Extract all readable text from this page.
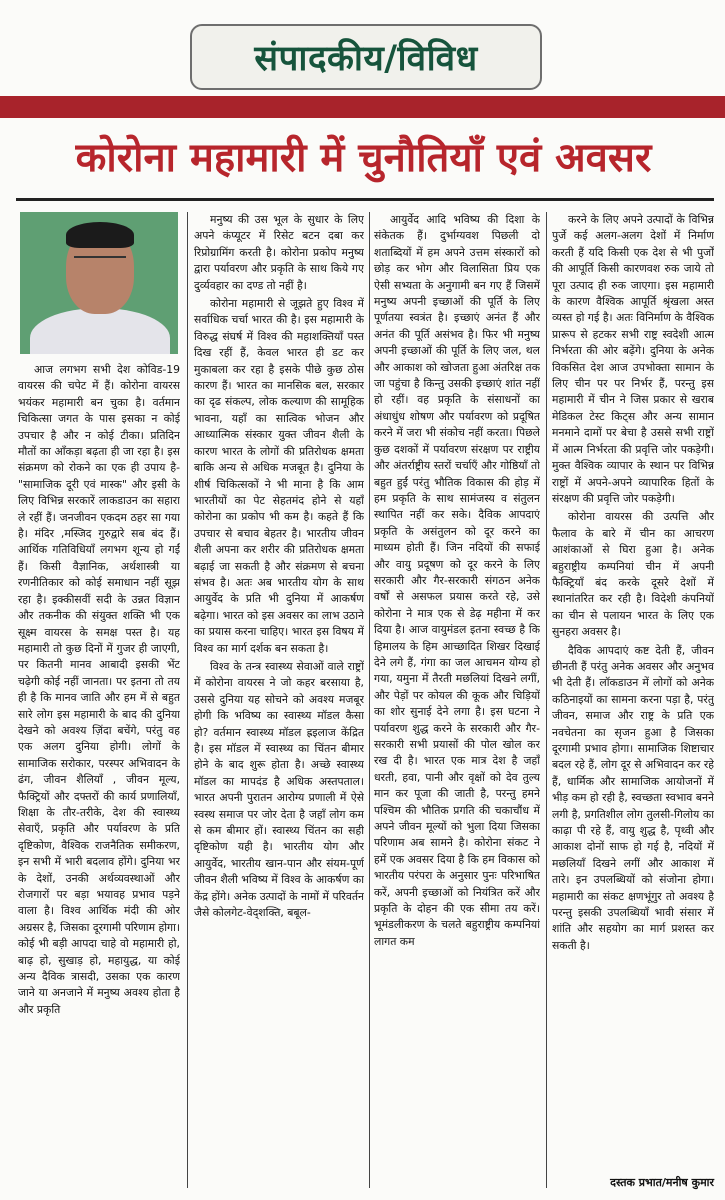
संपादकीय/विविध
कोरोना महामारी में चुनौतियाँ एवं अवसर

आज लगभग सभी देश कोविड-19 वायरस की चपेट में हैं। कोरोना वायरस भयंकर महामारी बन चुका है। वर्तमान चिकित्सा जगत के पास इसका न कोई उपचार है और न कोई टीका। प्रतिदिन मौतों का आँकड़ा बढ़ता ही जा रहा है। इस संक्रमण को रोकने का एक ही उपाय है- "सामाजिक दूरी एवं मास्क" और इसी के लिए विभिन्न सरकारें लाकडाउन का सहारा ले रहीं हैं। जनजीवन एकदम ठहर सा गया है। मंदिर ,मस्जिद गुरुद्वारे सब बंद हैं। आर्थिक गतिविधियाँ लगभग शून्य हो गईं हैं। किसी वैज्ञानिक, अर्थशास्त्री या रणनीतिकार को कोई समाधान नहीं सूझ रहा है। इक्कीसवीं सदी के उन्नत विज्ञान और तकनीक की संयुक्त शक्ति भी एक सूक्ष्म वायरस के समक्ष पस्त है। यह महामारी तो कुछ दिनों में गुजर ही जाएगी, पर कितनी मानव आबादी इसकी भेंट चढ़ेगी कोई नहीं जानता। पर इतना तो तय ही है कि मानव जाति और हम में से बहुत सारे लोग इस महामारी के बाद की दुनिया देखने को अवश्य ज़िंदा बचेंगे, परंतु वह एक अलग दुनिया होगी। लोगों के सामाजिक सरोकार, परस्पर अभिवादन के ढंग, जीवन शैलियाँ , जीवन मूल्य, फैक्ट्रियों और दफ्तरों की कार्य प्रणालियाँ, शिक्षा के तौर-तरीके, देश की स्वास्थ्य सेवाएँ, प्रकृति और पर्यावरण के प्रति दृष्टिकोण, वैश्विक राजनैतिक समीकरण, इन सभी में भारी बदलाव होंगे। दुनिया भर के देशों, उनकी अर्थव्यवस्थाओं और रोजगारों पर बड़ा भयावह प्रभाव पड़ने वाला है। विश्व आर्थिक मंदी की ओर अग्रसर है, जिसका दूरगामी परिणाम होगा। कोई भी बड़ी आपदा चाहे वो महामारी हो, बाढ़ हो, सुखाड़ हो, महायुद्ध, या कोई अन्य दैविक त्रासदी, उसका एक कारण जाने या अनजाने में मनुष्य अवश्य होता है और प्रकृति

मनुष्य की उस भूल के सुधार के लिए अपने कंप्यूटर में रिसेट बटन दबा कर रिप्रोग्रामिंग करती है। कोरोना प्रकोप मनुष्य द्वारा पर्यावरण और प्रकृति के साथ किये गए दुर्व्यवहार का दण्ड तो नहीं है।

कोरोना महामारी से जूझते हुए विश्व में सर्वाधिक चर्चा भारत की है। इस महामारी के विरुद्ध संघर्ष में विश्व की महाशक्तियाँ पस्त दिख रहीं हैं, केवल भारत ही डट कर मुकाबला कर रहा है इसके पीछे कुछ ठोस कारण हैं। भारत का मानसिक बल, सरकार का दृढ संकल्प, लोक कल्याण की सामूहिक भावना, यहाँ का सात्विक भोजन और आध्यात्मिक संस्कार युक्त जीवन शैली के कारण भारत के लोगों की प्रतिरोधक क्षमता बाकि अन्य से अधिक मजबूत है। दुनिया के शीर्ष चिकित्सकों ने भी माना है कि आम भारतीयों का पेट सेहतमंद होने से यहाँ कोरोना का प्रकोप भी कम है। कहते हैं कि उपचार से बचाव बेहतर है। भारतीय जीवन शैली अपना कर शरीर की प्रतिरोधक क्षमता बढ़ाई जा सकती है और संक्रमण से बचना संभव है। अतः अब भारतीय योग के साथ आयुर्वेद के प्रति भी दुनिया में आकर्षण बढ़ेगा। भारत को इस अवसर का लाभ उठाने का प्रयास करना चाहिए। भारत इस विषय में विश्व का मार्ग दर्शक बन सकता है।

विश्व के तन्त्र स्वास्थ्य सेवाओं वाले राष्ट्रों में कोरोना वायरस ने जो कहर बरसाया है, उससे दुनिया यह सोचने को अवश्य मजबूर होगी कि भविष्य का स्वास्थ्य मॉडल कैसा हो? वर्तमान स्वास्थ्य मॉडल ह्रइलाज केंद्रित है। इस मॉडल में स्वास्थ्य का चिंतन बीमार होने के बाद शुरू होता है। अच्छे स्वास्थ्य मॉडल का मापदंड है अधिक अस्तपताल। भारत अपनी पुरातन आरोग्य प्रणाली में ऐसे स्वस्थ समाज पर जोर देता है जहाँ लोग कम से कम बीमार हों। स्वास्थ्य चिंतन का सही दृष्टिकोण यही है। भारतीय योग और आयुर्वेद, भारतीय खान-पान और संयम-पूर्ण जीवन शैली भविष्य में विश्व के आकर्षण का केंद्र होंगे। अनेक उत्पादों के नामों में परिवर्तन जैसे कोलगेट-वेद्शक्ति, बबूल-

आयुर्वेद आदि भविष्य की दिशा के संकेतक हैं। दुर्भाग्यवश पिछली दो शताब्दियों में हम अपने उत्तम संस्कारों को छोड़ कर भोग और विलासिता प्रिय एक ऐसी सभ्यता के अनुगामी बन गए हैं जिसमें मनुष्य अपनी इच्छाओं की पूर्ति के लिए पूर्णतया स्वत्रंत है। इच्छाएं अनंत हैं और अनंत की पूर्ति असंभव है। फिर भी मनुष्य अपनी इच्छाओं की पूर्ति के लिए जल, थल और आकाश को खोजता हुआ अंतरिक्ष तक जा पहुंचा है किन्तु उसकी इच्छाएं शांत नहीं हो रहीं। वह प्रकृति के संसाधनों का अंधाधुंध शोषण और पर्यावरण को प्रदूषित करने में जरा भी संकोच नहीं करता। पिछले कुछ दशकों में पर्यावरण संरक्षण पर राष्ट्रीय और अंतर्राष्ट्रीय स्तरों चर्चाएँ और गोष्ठियाँ तो बहुत हुईं परंतु भौतिक विकास की होड़ में हम प्रकृति के साथ सामंजस्य व संतुलन स्थापित नहीं कर सके। दैविक आपदाएं प्रकृति के असंतुलन को दूर करने का माध्यम होती हैं। जिन नदियों की सफाई और वायु प्रदूषण को दूर करने के लिए सरकारी और गैर-सरकारी संगठन अनेक वर्षों से असफल प्रयास करते रहे, उसे कोरोना ने मात्र एक से डेढ़ महीना में कर दिया है। आज वायुमंडल इतना स्वच्छ है कि हिमालय के हिम आच्छादित शिखर दिखाई देने लगे हैं, गंगा का जल आचमन योग्य हो गया, यमुना में तैरती मछलियां दिखने लगीं, और पेड़ों पर कोयल की कूक और चिड़ियों का शोर सुनाई देने लगा है। इस घटना ने पर्यावरण शुद्ध करने के सरकारी और गैर-सरकारी सभी प्रयासों की पोल खोल कर रख दी है। भारत एक मात्र देश है जहाँ धरती, हवा, पानी और वृक्षों को देव तुल्य मान कर पूजा की जाती है, परन्तु हमने पश्चिम की भौतिक प्रगति की चकाचौंध में अपने जीवन मूल्यों को भुला दिया जिसका परिणाम अब सामने है। कोरोना संकट ने हमें एक अवसर दिया है कि हम विकास को भारतीय परंपरा के अनुसार पुनः परिभाषित करें, अपनी इच्छाओं को नियंत्रित करें और प्रकृति के दोहन की एक सीमा तय करें। भूमंडलीकरण के चलते बहुराष्ट्रीय कम्पनियां लागत कम

करने के लिए अपने उत्पादों के विभिन्न पुर्जे कई अलग-अलग देशों में निर्माण करती हैं यदि किसी एक देश से भी पुर्जों की आपूर्ति किसी कारणवश रुक जाये तो पूरा उत्पाद ही रुक जाएगा। इस महामारी के कारण वैश्विक आपूर्ति श्रृंखला अस्त व्यस्त हो गई है। अतः विनिर्माण के वैश्विक प्रारूप से हटकर सभी राष्ट्र स्वदेशी आत्म निर्भरता की ओर बढ़ेंगे। दुनिया के अनेक विकसित देश आज उपभोक्ता सामान के लिए चीन पर पर निर्भर हैं, परन्तु इस महामारी में चीन ने जिस प्रकार से खराब मेडिकल टेस्ट किट्स और अन्य सामान मनमाने दामों पर बेचा है उससे सभी राष्ट्रों में आत्म निर्भरता की प्रवृत्ति जोर पकड़ेगी। मुक्त वैश्विक व्यापार के स्थान पर विभिन्न राष्ट्रों में अपने-अपने व्यापारिक हितों के संरक्षण की प्रवृत्ति जोर पकड़ेगी।

कोरोना वायरस की उत्पत्ति और फैलाव के बारे में चीन का आचरण आशंकाओं से घिरा हुआ है। अनेक बहुराष्ट्रीय कम्पनियां चीन में अपनी फैक्ट्रियाँ बंद करके दूसरे देशों में स्थानांतरित कर रही है। विदेशी कंपनियों का चीन से पलायन भारत के लिए एक सुनहरा अवसर है।

दैविक आपदाएं कष्ट देती हैं, जीवन छीनती हैं परंतु अनेक अवसर और अनुभव भी देती हैं। लॉकडाउन में लोगों को अनेक कठिनाइयों का सामना करना पड़ा है, परंतु जीवन, समाज और राष्ट्र के प्रति एक नवचेतना का सृजन हुआ है जिसका दूरगामी प्रभाव होगा। सामाजिक शिष्टाचार बदल रहे हैं, लोग दूर से अभिवादन कर रहे हैं, धार्मिक और सामाजिक आयोजनों में भीड़ कम हो रही है, स्वच्छता स्वभाव बनने लगी है, प्रगतिशील लोग तुलसी-गिलोय का काढ़ा पी रहे हैं, वायु शुद्ध है, पृथ्वी और आकाश दोनों साफ हो गई है, नदियों में मछलियाँ दिखने लगीं और आकाश में तारे। इन उपलब्धियों को संजोना होगा। महामारी का संकट क्षणभूंगुर तो अवश्य है परन्तु इसकी उपलब्धियाँ भावी संसार में शांति और सहयोग का मार्ग प्रशस्त कर सकती है।

दस्तक प्रभात/मनीष कुमार
